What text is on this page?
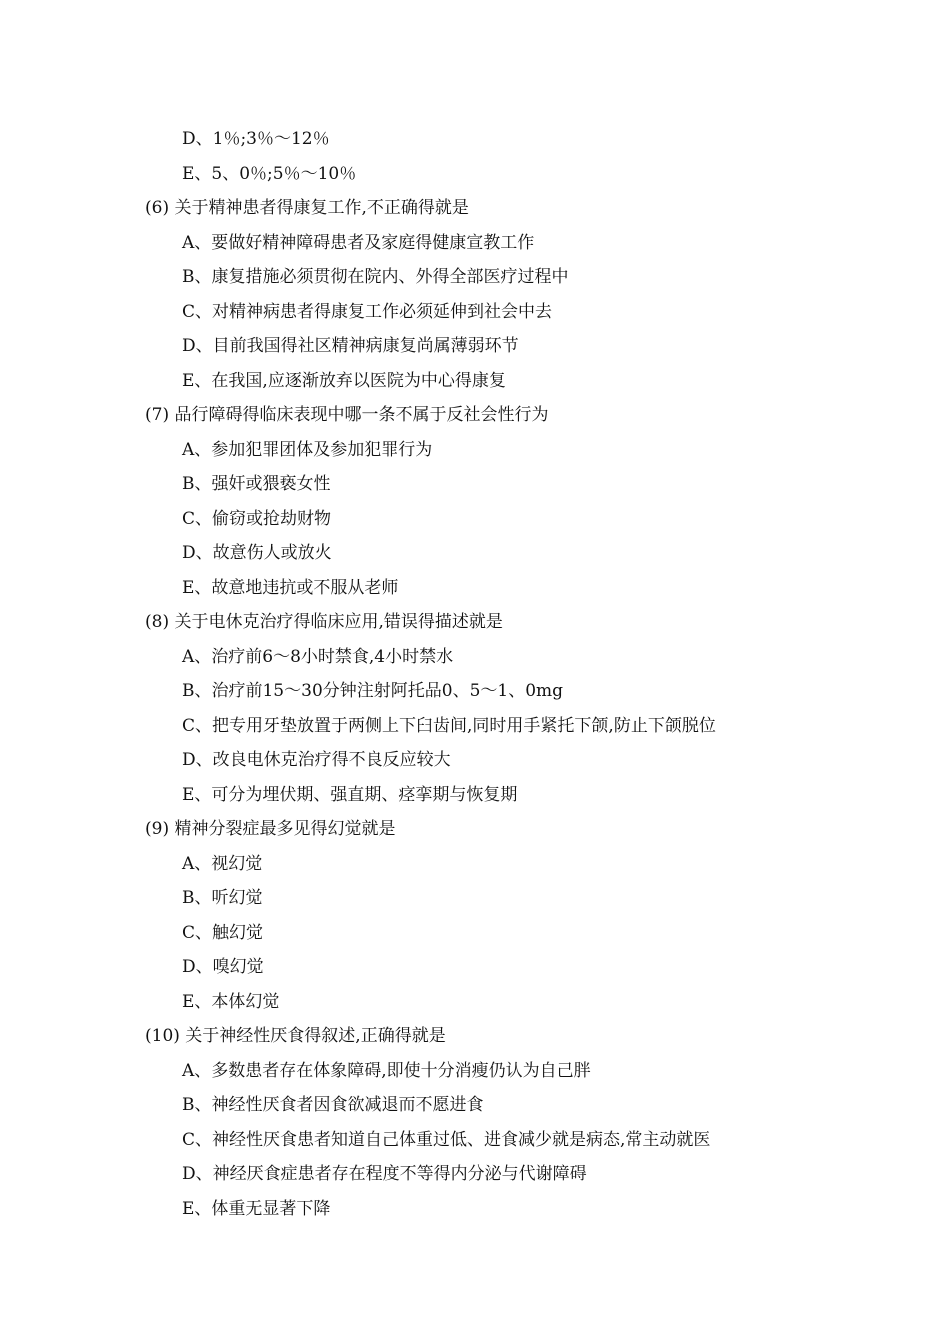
D、1％;3％～12％
E、5、0％;5％～10％
(6) 关于精神患者得康复工作,不正确得就是
A、要做好精神障碍患者及家庭得健康宣教工作
B、康复措施必须贯彻在院内、外得全部医疗过程中
C、对精神病患者得康复工作必须延伸到社会中去
D、目前我国得社区精神病康复尚属薄弱环节
E、在我国,应逐渐放弃以医院为中心得康复
(7) 品行障碍得临床表现中哪一条不属于反社会性行为
A、参加犯罪团体及参加犯罪行为
B、强奸或猥亵女性
C、偷窃或抢劫财物
D、故意伤人或放火
E、故意地违抗或不服从老师
(8) 关于电休克治疗得临床应用,错误得描述就是
A、治疗前6～8小时禁食,4小时禁水
B、治疗前15～30分钟注射阿托品0、5～1、0mg
C、把专用牙垫放置于两侧上下臼齿间,同时用手紧托下颌,防止下颌脱位
D、改良电休克治疗得不良反应较大
E、可分为埋伏期、强直期、痉挛期与恢复期
(9) 精神分裂症最多见得幻觉就是
A、视幻觉
B、听幻觉
C、触幻觉
D、嗅幻觉
E、本体幻觉
(10) 关于神经性厌食得叙述,正确得就是
A、多数患者存在体象障碍,即使十分消瘦仍认为自己胖
B、神经性厌食者因食欲减退而不愿进食
C、神经性厌食患者知道自己体重过低、进食减少就是病态,常主动就医
D、神经厌食症患者存在程度不等得内分泌与代谢障碍
E、体重无显著下降
